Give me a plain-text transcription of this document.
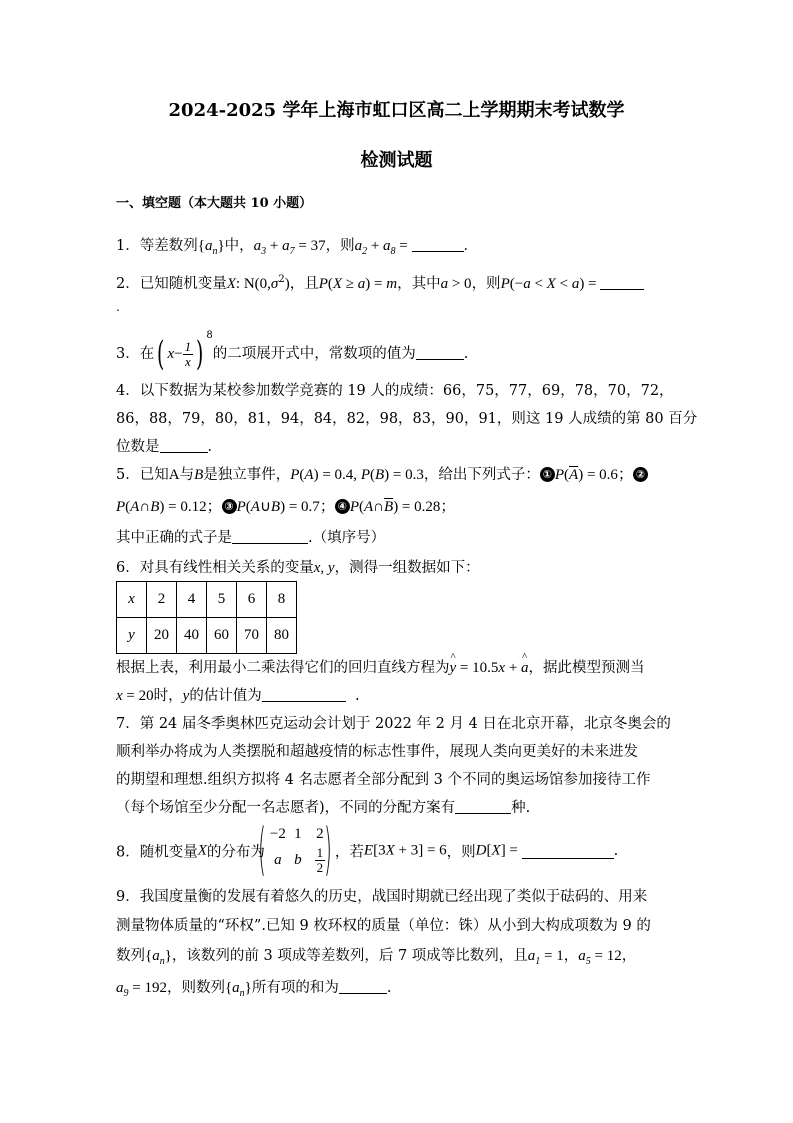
2024-2025 学年上海市虹口区高二上学期期末考试数学
检测试题
一、填空题（本大题共 10 小题）
1．等差数列$\{a_n\}$中，$a_3 + a_7 = 37$，则$a_2 + a_8$ =	．
2．已知随机变量X: $N(0,\sigma^2)$，且P(X ≥ a) = m，其中a > 0，则P(−a < X < a) =
.
3．在( $x- \frac{1}{x}$ ) $^8$的二项展开式中，常数项的值为	.
4．以下数据为某校参加数学竞赛的 19 人的成绩：66，75，77，69，78，70，72，
86，88，79，80，81，94，84，82，98，83，90，91，则这 19 人成绩的第 80 百分
位数是	．
5．已知A与B是独立事件，P(A) = 0.4, P(B) = 0.3，给出下列式子： ① $P(\overline{A}) = 0.6$； ②
P(A∩B) = 0.12； ③ P(A∪B) = 0.7； ④ $P(A\cap\overline{B}) = 0.28$；
其中正确的式子是	.（填序号）
6．对具有线性相关关系的变量x, y，测得一组数据如下：
x	2	4	5	6	8
y	20	40	60	70	80
根据上表，利用最小二乘法得它们的回归直线方程为^ y = 10.5x + ^ a，据此模型预测当
x = 20时，y的估计值为	.
7．第 24 届冬季奥林匹克运动会计划于 2022 年 2 月 4 日在北京开幕，北京冬奥会的
顺利举办将成为人类摆脱和超越疫情的标志性事件，展现人类向更美好的未来进发
的期望和理想.组织方拟将 4 名志愿者全部分配到 3 个不同的奥运场馆参加接待工作
（每个场馆至少分配一名志愿者)，不同的分配方案有	种.
8．随机变量X的分布为
( −2 1 2
a b	$\frac{1}{2}$
) ，若E[3X + 3] = 6，则D[X] =	.
9．我国度量衡的发展有着悠久的历史，战国时期就已经出现了类似于砝码的、用来
测量物体质量的“环权”.已知 9 枚环权的质量（单位：铢）从小到大构成项数为 9 的
数列$\{a_n\}$，该数列的前 3 项成等差数列，后 7 项成等比数列，且$a_1 = 1$，$a_5 = 12$，
$a_9 = 192$，则数列$\{a_n\}$所有项的和为	.
